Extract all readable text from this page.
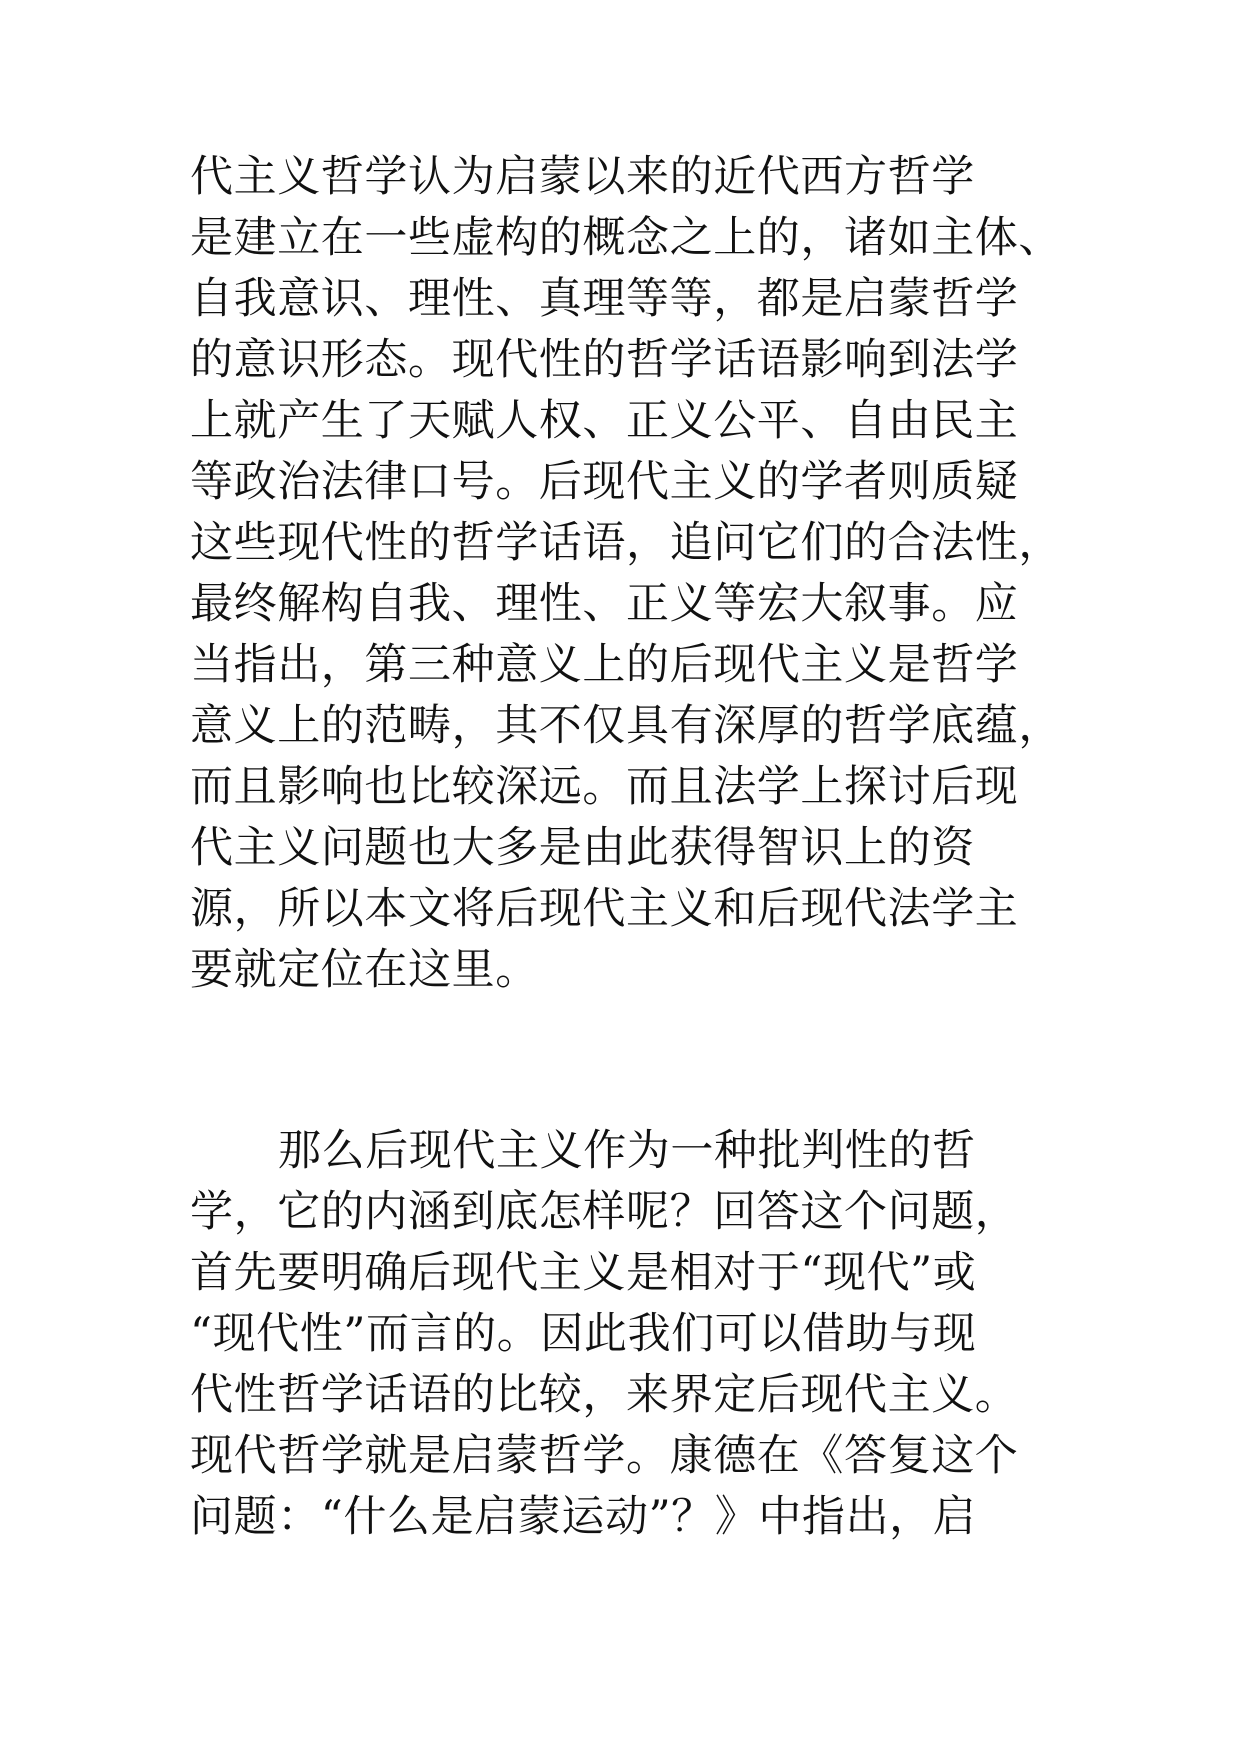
代主义哲学认为启蒙以来的近代西方哲学
是建立在一些虚构的概念之上的，诸如主体、
自我意识、理性、真理等等，都是启蒙哲学
的意识形态。现代性的哲学话语影响到法学
上就产生了天赋人权、正义公平、自由民主
等政治法律口号。后现代主义的学者则质疑
这些现代性的哲学话语，追问它们的合法性，
最终解构自我、理性、正义等宏大叙事。应
当指出，第三种意义上的后现代主义是哲学
意义上的范畴，其不仅具有深厚的哲学底蕴，
而且影响也比较深远。而且法学上探讨后现
代主义问题也大多是由此获得智识上的资
源，所以本文将后现代主义和后现代法学主
要就定位在这里。
那么后现代主义作为一种批判性的哲
学，它的内涵到底怎样呢？回答这个问题，
首先要明确后现代主义是相对于“现代”或
“现代性”而言的。因此我们可以借助与现
代性哲学话语的比较，来界定后现代主义。
现代哲学就是启蒙哲学。康德在《答复这个
问题：“什么是启蒙运动”？》中指出，启
